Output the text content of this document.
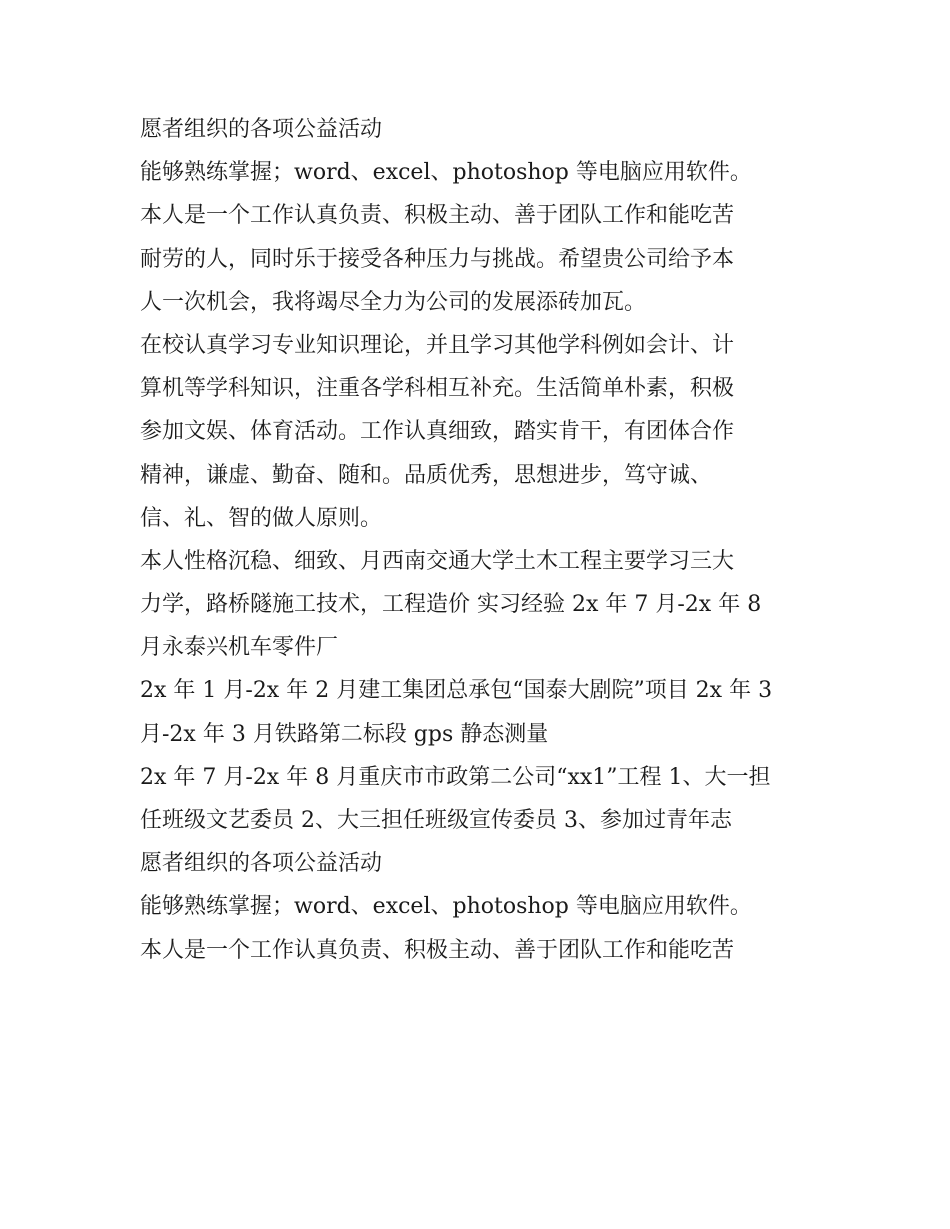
愿者组织的各项公益活动
能够熟练掌握；word、excel、photoshop 等电脑应用软件。
本人是一个工作认真负责、积极主动、善于团队工作和能吃苦
耐劳的人，同时乐于接受各种压力与挑战。希望贵公司给予本
人一次机会，我将竭尽全力为公司的发展添砖加瓦。
在校认真学习专业知识理论，并且学习其他学科例如会计、计
算机等学科知识，注重各学科相互补充。生活简单朴素，积极
参加文娱、体育活动。工作认真细致，踏实肯干，有团体合作
精神，谦虚、勤奋、随和。品质优秀，思想进步，笃守诚、
信、礼、智的做人原则。
本人性格沉稳、细致、月西南交通大学土木工程主要学习三大
力学，路桥隧施工技术，工程造价 实习经验 2x 年 7 月-2x 年 8
月永泰兴机车零件厂
2x 年 1 月-2x 年 2 月建工集团总承包“国泰大剧院”项目 2x 年 3
月-2x 年 3 月铁路第二标段 gps 静态测量
2x 年 7 月-2x 年 8 月重庆市市政第二公司“xx1”工程 1、大一担
任班级文艺委员 2、大三担任班级宣传委员 3、参加过青年志
愿者组织的各项公益活动
能够熟练掌握；word、excel、photoshop 等电脑应用软件。
本人是一个工作认真负责、积极主动、善于团队工作和能吃苦
